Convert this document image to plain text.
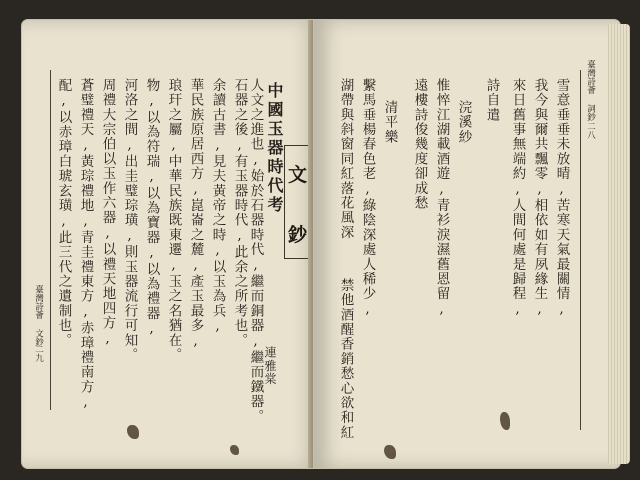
臺灣詩薈 文鈔
二九
配,以赤璋白琥玄璜,此三代之遺制也。 蒼璧禮天,黃琮禮地,青圭禮東方,赤璋禮南方, 周禮大宗伯以玉作六器,以禮天地四方, 河洛之間,出圭璧琮璜,則玉器流行可知。 物,以為符瑞,以為寶器,以為禮器, 琅玕之屬,中華民族既東遷,玉之名猶在。 華民族原居西方,崑崙之麓,產玉最多, 余讀古書,見夫黃帝之時,以玉為兵, 石器之後,有玉器時代,此余之所考也。 人文之進也,始於石器時代,繼而銅器,繼而鐵器。 中國玉器時代考 文
鈔
連雅棠	禁他酒醒香銷愁心欲和紅
湖帶與斜窗同紅落花風深 繫馬垂楊春色老,綠陰深處人稀少, 清平樂 遠樓詩俊幾度卻成愁 惟悴江湖載酒遊,青衫淚濕舊恩留, 浣溪紗 詩自遣 來日舊事無端約,人間何處是歸程, 我今與爾共飄零,相依如有夙緣生, 雪意垂垂未放晴,苦寒天氣最關情, 臺灣詩薈 詞鈔
二八
